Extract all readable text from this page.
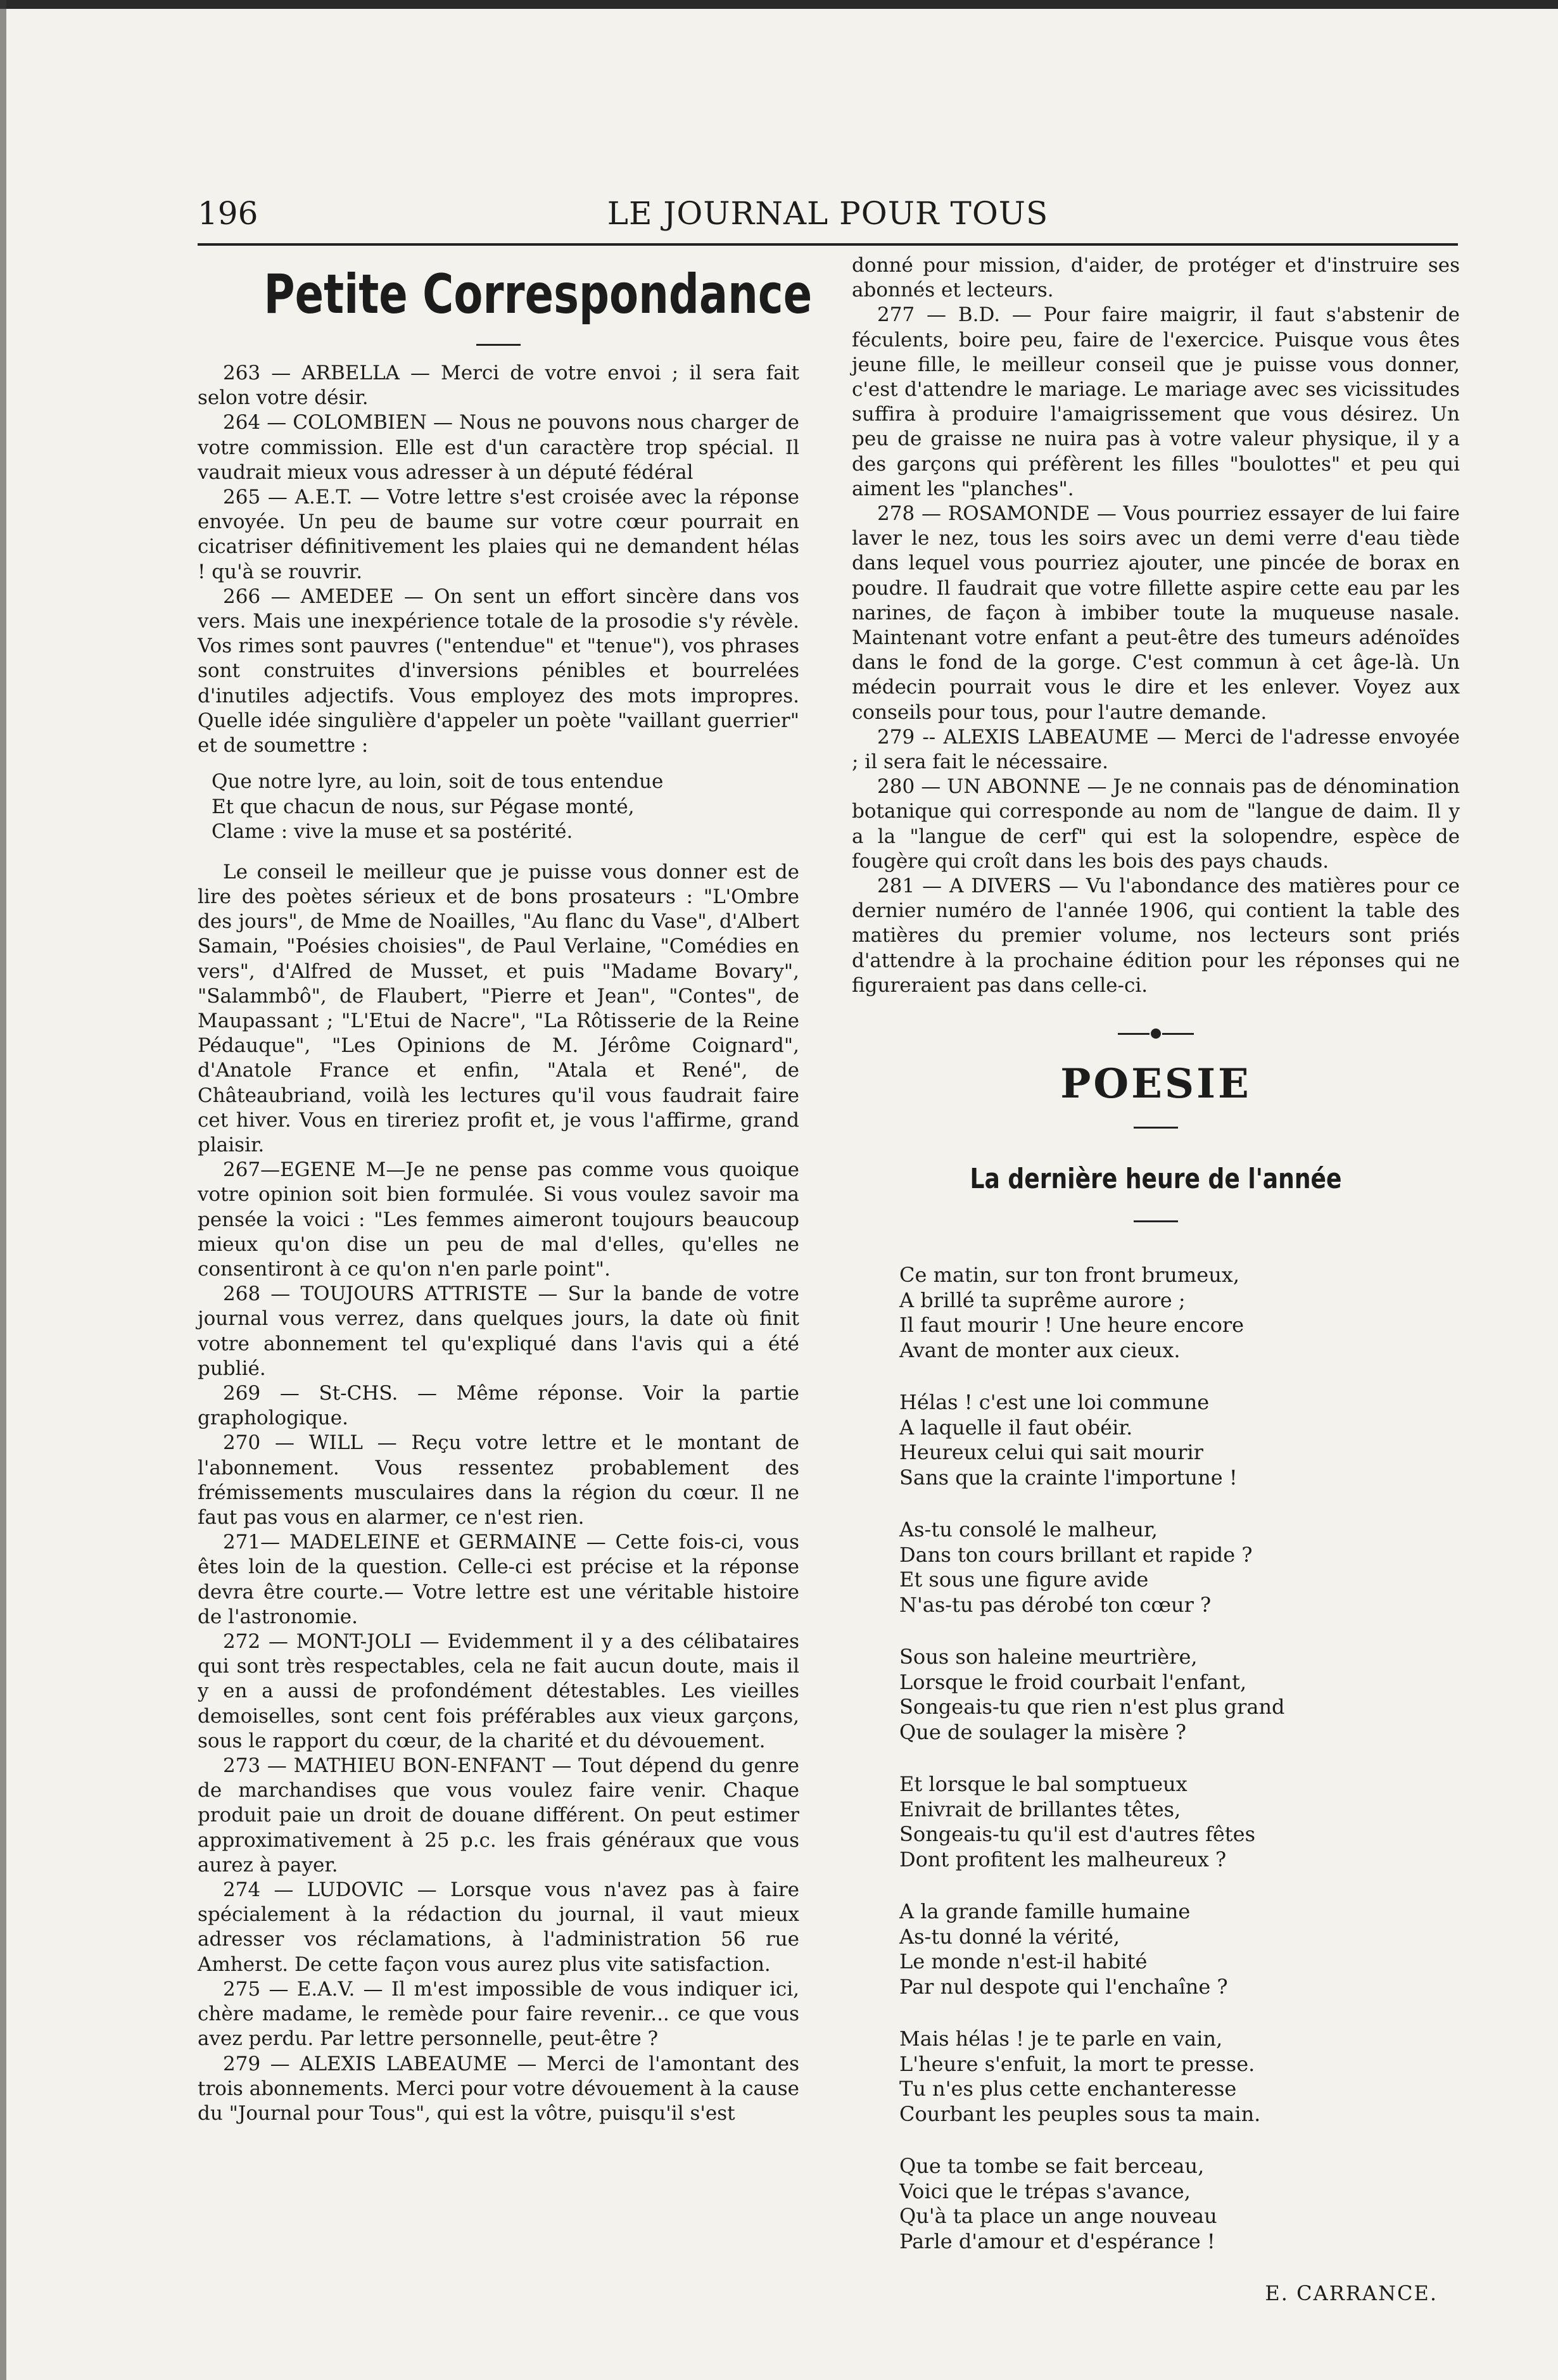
196	LE JOURNAL POUR TOUS
Petite Correspondance

263 — ARBELLA — Merci de votre envoi ; il sera fait selon votre désir.

264 — COLOMBIEN — Nous ne pouvons nous charger de votre commission. Elle est d'un caractère trop spécial. Il vaudrait mieux vous adresser à un député fédéral

265 — A.E.T. — Votre lettre s'est croisée avec la réponse envoyée. Un peu de baume sur votre cœur pourrait en cicatriser définitivement les plaies qui ne demandent hélas ! qu'à se rouvrir.

266 — AMEDEE — On sent un effort sincère dans vos vers. Mais une inexpérience totale de la prosodie s'y révèle. Vos rimes sont pauvres ("entendue" et "tenue"), vos phrases sont construites d'inversions pénibles et bourrelées d'inutiles adjectifs. Vous employez des mots impropres. Quelle idée singulière d'appeler un poète "vaillant guerrier" et de soumettre :

Que notre lyre, au loin, soit de tous entendue
Et que chacun de nous, sur Pégase monté,
Clame : vive la muse et sa postérité.

Le conseil le meilleur que je puisse vous donner est de lire des poètes sérieux et de bons prosateurs : "L'Ombre des jours", de Mme de Noailles, "Au flanc du Vase", d'Albert Samain, "Poésies choisies", de Paul Verlaine, "Comédies en vers", d'Alfred de Musset, et puis "Madame Bovary", "Salammbô", de Flaubert, "Pierre et Jean", "Contes", de Maupassant ; "L'Etui de Nacre", "La Rôtisserie de la Reine Pédauque", "Les Opinions de M. Jérôme Coignard", d'Anatole France et enfin, "Atala et René", de Châteaubriand, voilà les lectures qu'il vous faudrait faire cet hiver. Vous en tireriez profit et, je vous l'affirme, grand plaisir.

267—EGENE M—Je ne pense pas comme vous quoique votre opinion soit bien formulée. Si vous voulez savoir ma pensée la voici : "Les femmes aimeront toujours beaucoup mieux qu'on dise un peu de mal d'elles, qu'elles ne consentiront à ce qu'on n'en parle point".

268 — TOUJOURS ATTRISTE — Sur la bande de votre journal vous verrez, dans quelques jours, la date où finit votre abonnement tel qu'expliqué dans l'avis qui a été publié.

269 — St-CHS. — Même réponse. Voir la partie graphologique.

270 — WILL — Reçu votre lettre et le montant de l'abonnement. Vous ressentez probablement des frémissements musculaires dans la région du cœur. Il ne faut pas vous en alarmer, ce n'est rien.

271— MADELEINE et GERMAINE — Cette fois-ci, vous êtes loin de la question. Celle-ci est précise et la réponse devra être courte.— Votre lettre est une véritable histoire de l'astronomie.

272 — MONT-JOLI — Evidemment il y a des célibataires qui sont très respectables, cela ne fait aucun doute, mais il y en a aussi de profondément détestables. Les vieilles demoiselles, sont cent fois préférables aux vieux garçons, sous le rapport du cœur, de la charité et du dévouement.

273 — MATHIEU BON-ENFANT — Tout dépend du genre de marchandises que vous voulez faire venir. Chaque produit paie un droit de douane différent. On peut estimer approximativement à 25 p.c. les frais généraux que vous aurez à payer.

274 — LUDOVIC — Lorsque vous n'avez pas à faire spécialement à la rédaction du journal, il vaut mieux adresser vos réclamations, à l'administration 56 rue Amherst. De cette façon vous aurez plus vite satisfaction.

275 — E.A.V. — Il m'est impossible de vous indiquer ici, chère madame, le remède pour faire revenir... ce que vous avez perdu. Par lettre personnelle, peut-être ?

279 — ALEXIS LABEAUME — Merci de l'amontant des trois abonnements. Merci pour votre dévouement à la cause du "Journal pour Tous", qui est la vôtre, puisqu'il s'est

donné pour mission, d'aider, de protéger et d'instruire ses abonnés et lecteurs.

277 — B.D. — Pour faire maigrir, il faut s'abstenir de féculents, boire peu, faire de l'exercice. Puisque vous êtes jeune fille, le meilleur conseil que je puisse vous donner, c'est d'attendre le mariage. Le mariage avec ses vicissitudes suffira à produire l'amaigrissement que vous désirez. Un peu de graisse ne nuira pas à votre valeur physique, il y a des garçons qui préfèrent les filles "boulottes" et peu qui aiment les "planches".

278 — ROSAMONDE — Vous pourriez essayer de lui faire laver le nez, tous les soirs avec un demi verre d'eau tiède dans lequel vous pourriez ajouter, une pincée de borax en poudre. Il faudrait que votre fillette aspire cette eau par les narines, de façon à imbiber toute la muqueuse nasale. Maintenant votre enfant a peut-être des tumeurs adénoïdes dans le fond de la gorge. C'est commun à cet âge-là. Un médecin pourrait vous le dire et les enlever. Voyez aux conseils pour tous, pour l'autre demande.

279 -- ALEXIS LABEAUME — Merci de l'adresse envoyée ; il sera fait le nécessaire.

280 — UN ABONNE — Je ne connais pas de dénomination botanique qui corresponde au nom de "langue de daim. Il y a la "langue de cerf" qui est la solopendre, espèce de fougère qui croît dans les bois des pays chauds.

281 — A DIVERS — Vu l'abondance des matières pour ce dernier numéro de l'année 1906, qui contient la table des matières du premier volume, nos lecteurs sont priés d'attendre à la prochaine édition pour les réponses qui ne figureraient pas dans celle-ci.

POESIE
La dernière heure de l'année
Ce matin, sur ton front brumeux,
A brillé ta suprême aurore ;
Il faut mourir ! Une heure encore
Avant de monter aux cieux.
Hélas ! c'est une loi commune
A laquelle il faut obéir.
Heureux celui qui sait mourir
Sans que la crainte l'importune !
As-tu consolé le malheur,
Dans ton cours brillant et rapide ?
Et sous une figure avide
N'as-tu pas dérobé ton cœur ?
Sous son haleine meurtrière,
Lorsque le froid courbait l'enfant,
Songeais-tu que rien n'est plus grand
Que de soulager la misère ?
Et lorsque le bal somptueux
Enivrait de brillantes têtes,
Songeais-tu qu'il est d'autres fêtes
Dont profitent les malheureux ?
A la grande famille humaine
As-tu donné la vérité,
Le monde n'est-il habité
Par nul despote qui l'enchaîne ?
Mais hélas ! je te parle en vain,
L'heure s'enfuit, la mort te presse.
Tu n'es plus cette enchanteresse
Courbant les peuples sous ta main.
Que ta tombe se fait berceau,
Voici que le trépas s'avance,
Qu'à ta place un ange nouveau
Parle d'amour et d'espérance !
E. CARRANCE.
